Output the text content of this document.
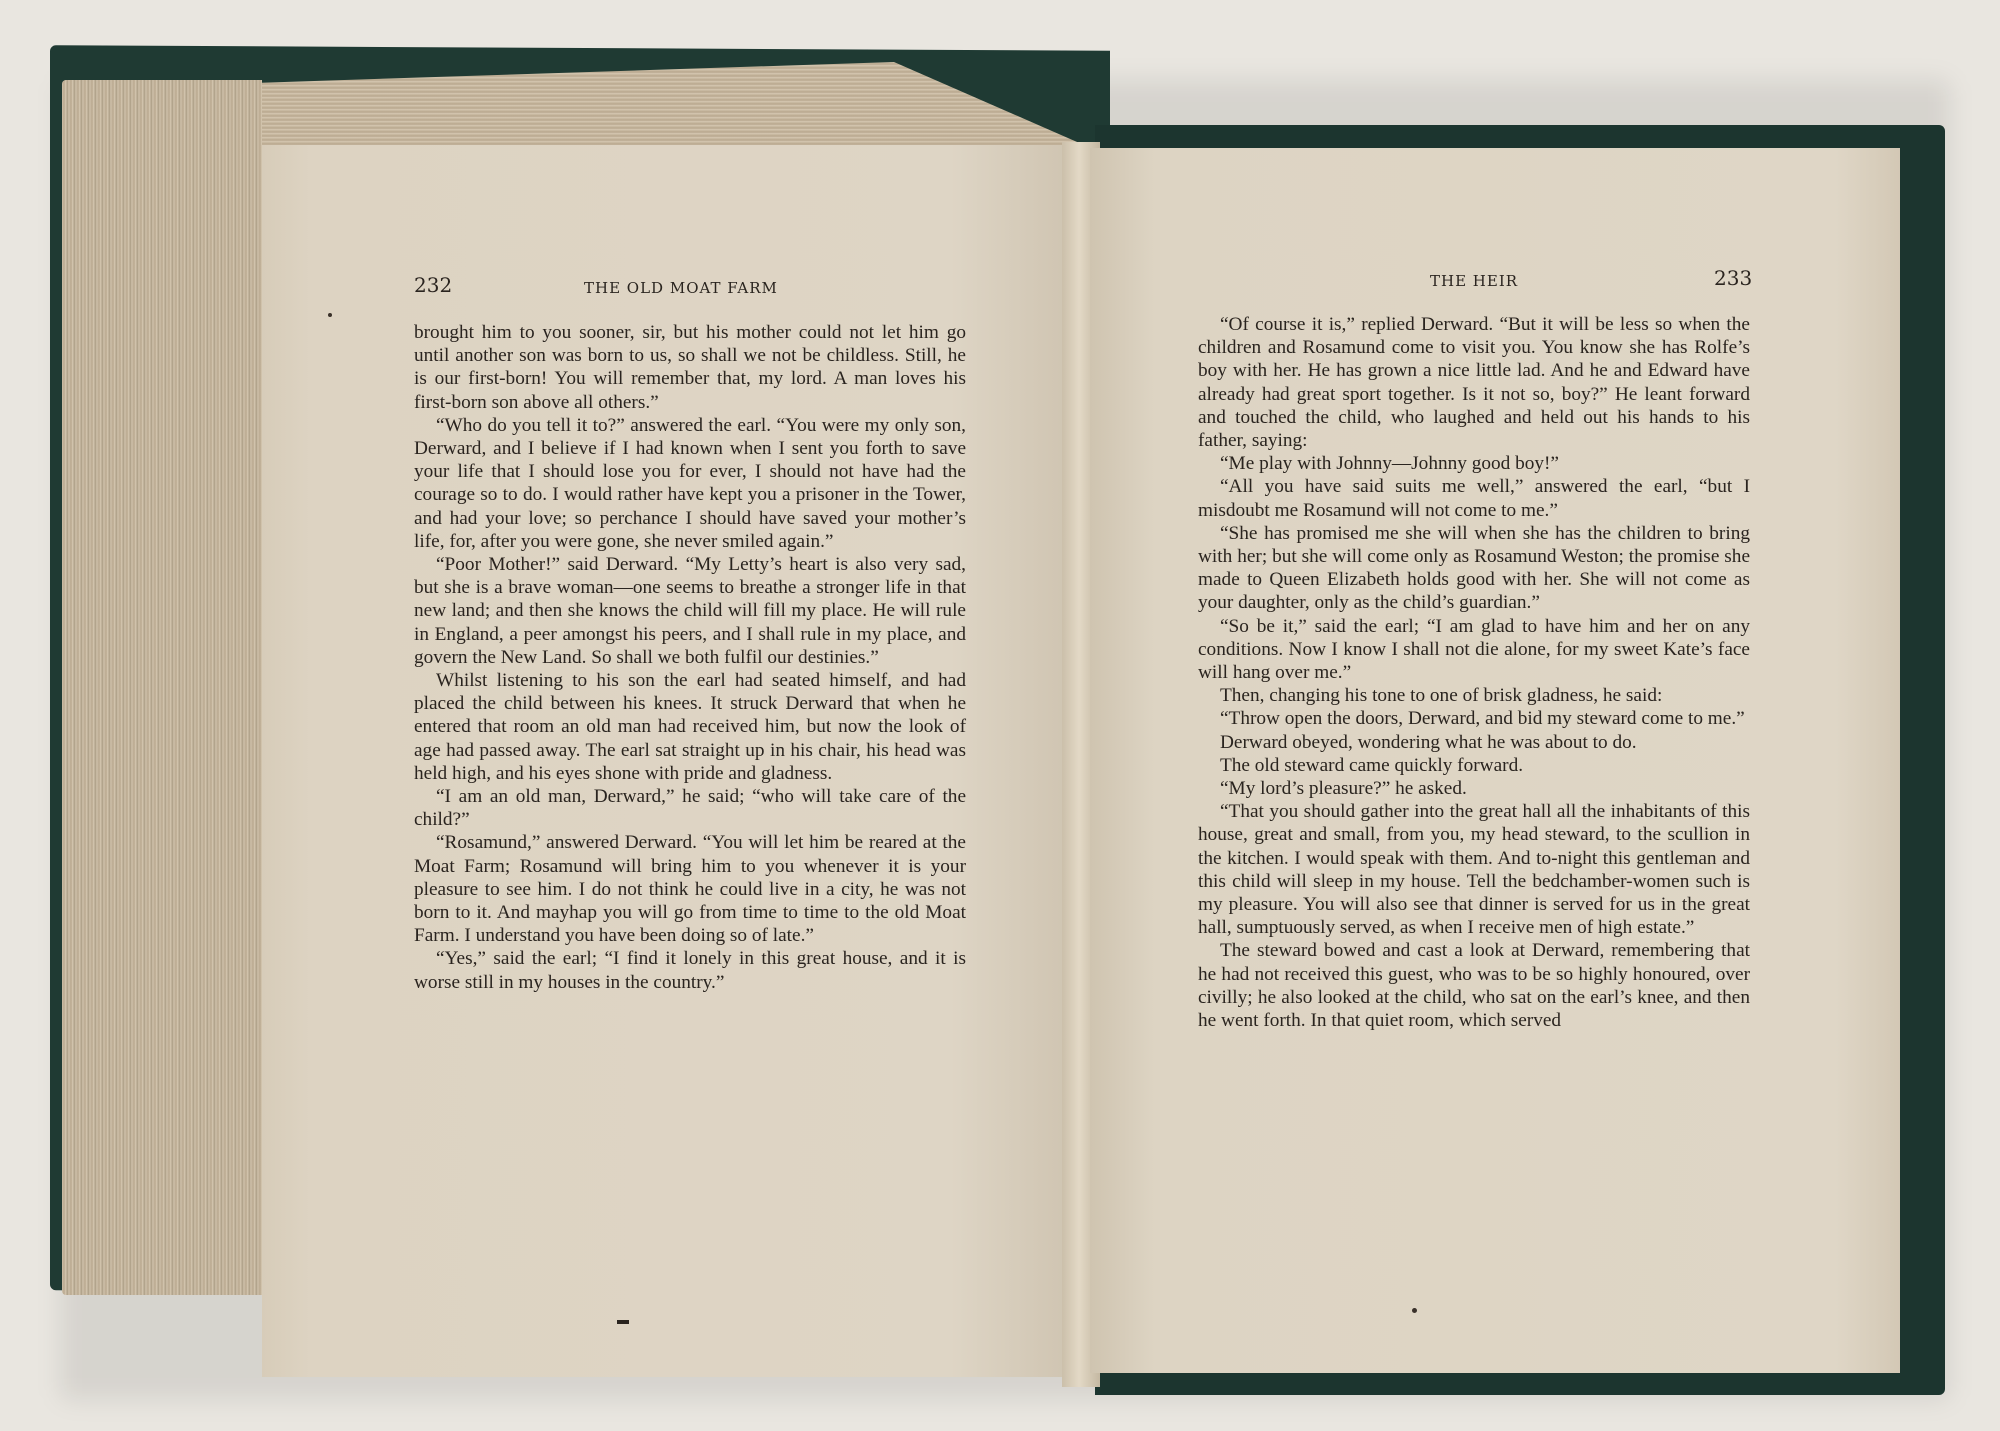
232	THE OLD MOAT FARM

brought him to you sooner, sir, but his mother could not let him go until another son was born to us, so shall we not be childless. Still, he is our first-born! You will remember that, my lord. A man loves his first-born son above all others.”

“Who do you tell it to?” answered the earl. “You were my only son, Derward, and I believe if I had known when I sent you forth to save your life that I should lose you for ever, I should not have had the courage so to do. I would rather have kept you a prisoner in the Tower, and had your love; so perchance I should have saved your mother’s life, for, after you were gone, she never smiled again.”

“Poor Mother!” said Derward. “My Letty’s heart is also very sad, but she is a brave woman—one seems to breathe a stronger life in that new land; and then she knows the child will fill my place. He will rule in England, a peer amongst his peers, and I shall rule in my place, and govern the New Land. So shall we both fulfil our destinies.”

Whilst listening to his son the earl had seated himself, and had placed the child between his knees. It struck Derward that when he entered that room an old man had received him, but now the look of age had passed away. The earl sat straight up in his chair, his head was held high, and his eyes shone with pride and gladness.

“I am an old man, Derward,” he said; “who will take care of the child?”

“Rosamund,” answered Derward. “You will let him be reared at the Moat Farm; Rosamund will bring him to you whenever it is your pleasure to see him. I do not think he could live in a city, he was not born to it. And mayhap you will go from time to time to the old Moat Farm. I understand you have been doing so of late.”

“Yes,” said the earl; “I find it lonely in this great house, and it is worse still in my houses in the country.”

THE HEIR	233

“Of course it is,” replied Derward. “But it will be less so when the children and Rosamund come to visit you. You know she has Rolfe’s boy with her. He has grown a nice little lad. And he and Edward have already had great sport together. Is it not so, boy?” He leant forward and touched the child, who laughed and held out his hands to his father, saying:

“Me play with Johnny—Johnny good boy!”

“All you have said suits me well,” answered the earl, “but I misdoubt me Rosamund will not come to me.”

“She has promised me she will when she has the children to bring with her; but she will come only as Rosamund Weston; the promise she made to Queen Elizabeth holds good with her. She will not come as your daughter, only as the child’s guardian.”

“So be it,” said the earl; “I am glad to have him and her on any conditions. Now I know I shall not die alone, for my sweet Kate’s face will hang over me.”

Then, changing his tone to one of brisk gladness, he said:

“Throw open the doors, Derward, and bid my steward come to me.”

Derward obeyed, wondering what he was about to do.

The old steward came quickly forward.

“My lord’s pleasure?” he asked.

“That you should gather into the great hall all the inhabitants of this house, great and small, from you, my head steward, to the scullion in the kitchen. I would speak with them. And to-night this gentleman and this child will sleep in my house. Tell the bedchamber-women such is my pleasure. You will also see that dinner is served for us in the great hall, sumptuously served, as when I receive men of high estate.”

The steward bowed and cast a look at Derward, remembering that he had not received this guest, who was to be so highly honoured, over civilly; he also looked at the child, who sat on the earl’s knee, and then he went forth. In that quiet room, which served
